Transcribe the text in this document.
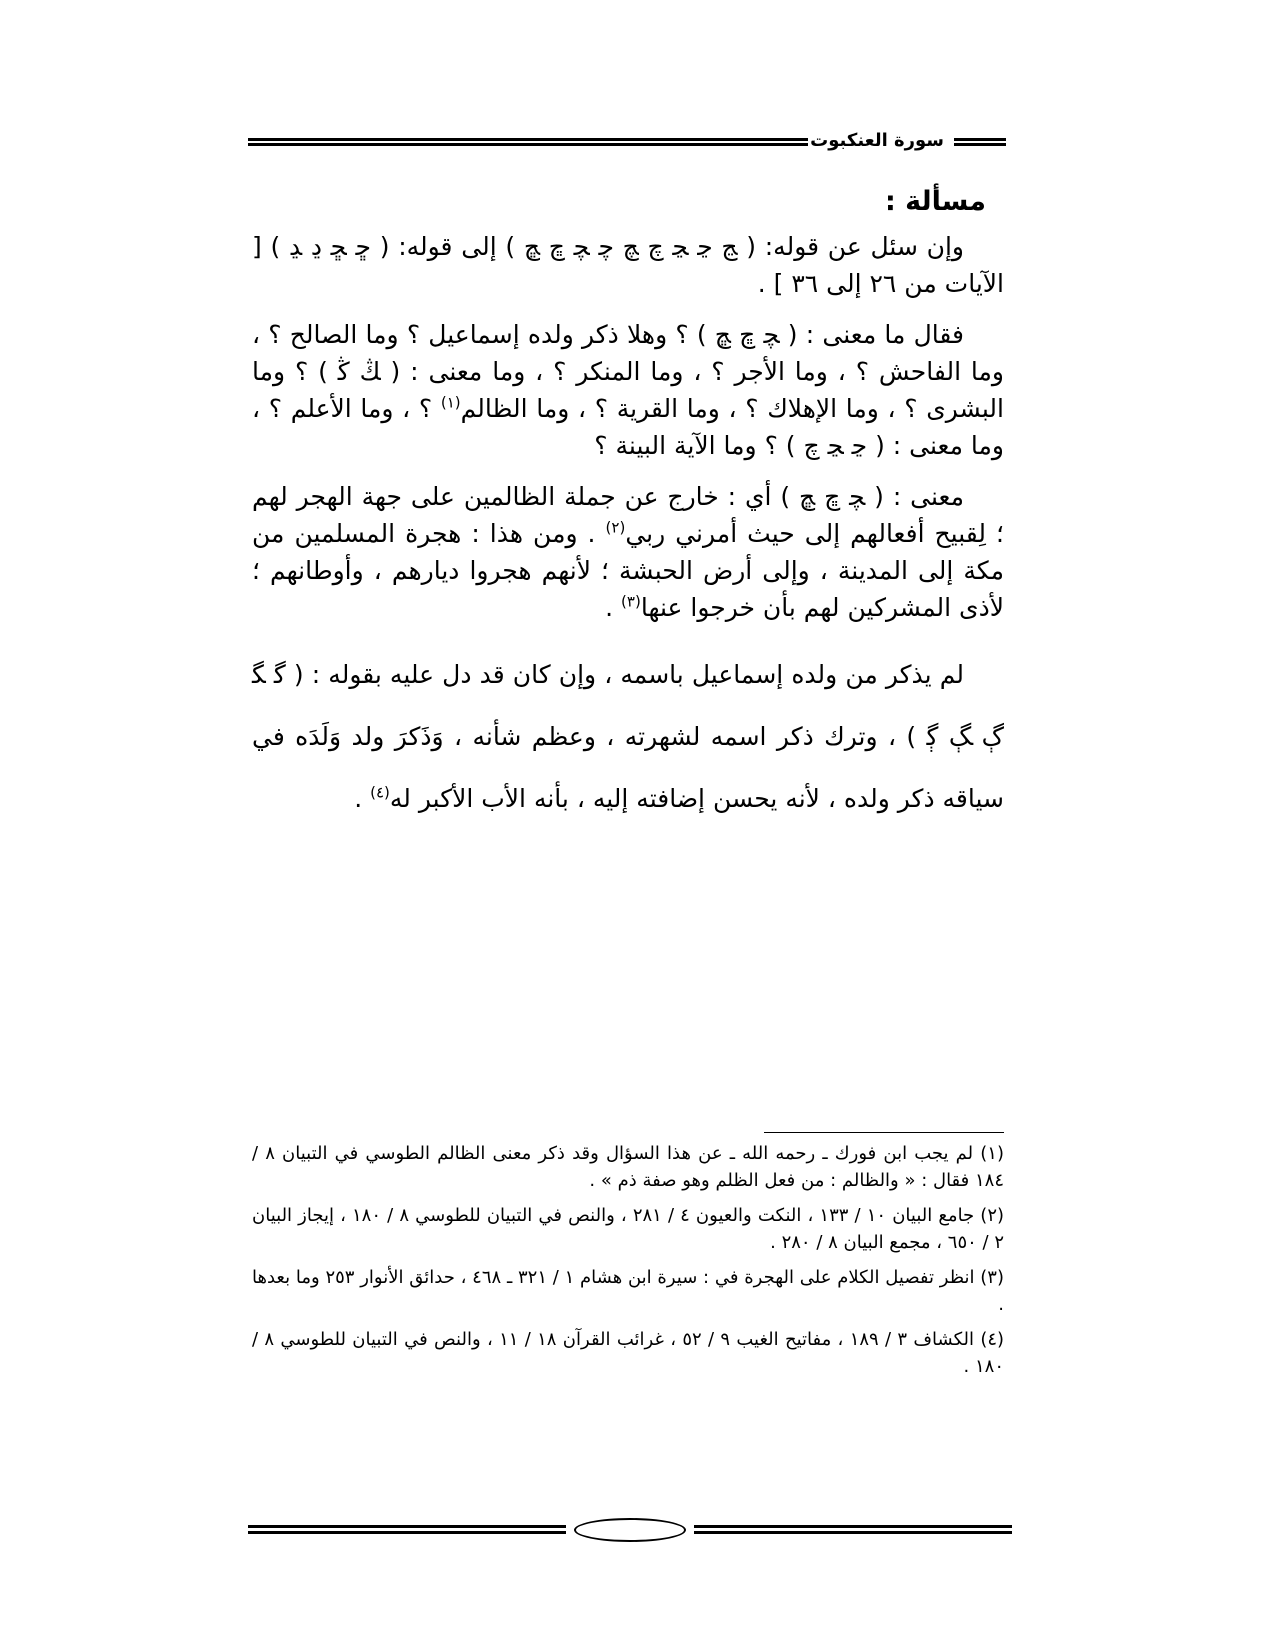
سورة العنكبوت
مسألة :

وإن سئل عن قوله: ( ﭷ ﭸ ﭹ ﭺ ﭻ ﭼ ﭽ ﭾ ﭿ ) إلى قوله: ( ﮀ ﮁ ﮂ ﮃ ) [ الآيات من ٢٦ إلى ٣٦ ] .

فقال ما معنى : ( ﭽ ﭾ ﭿ ) ؟ وهلا ذكر ولده إسماعيل ؟ وما الصالح ؟ ، وما الفاحش ؟ ، وما الأجر ؟ ، وما المنكر ؟ ، وما معنى : ( ﯔ ﯕ ) ؟ وما البشرى ؟ ، وما الإهلاك ؟ ، وما القرية ؟ ، وما الظالم$^{(١)}$ ؟ ، وما الأعلم ؟ ، وما معنى : ( ﭸ ﭹ ﭺ ) ؟ وما الآية البينة ؟

معنى : ( ﭽ ﭾ ﭿ ) أي : خارج عن جملة الظالمين على جهة الهجر لهم ؛ لِقبيح أفعالهم إلى حيث أمرني ربي$^{(٢)}$ . ومن هذا : هجرة المسلمين من مكة إلى المدينة ، وإلى أرض الحبشة ؛ لأنهم هجروا ديارهم ، وأوطانهم ؛ لأذى المشركين لهم بأن خرجوا عنها$^{(٣)}$ .

لم يذكر من ولده إسماعيل باسمه ، وإن كان قد دل عليه بقوله : ( ﮔ ﮕ ﮖ ﮗ ﮘ ) ، وترك ذكر اسمه لشهرته ، وعظم شأنه ، وَذَكرَ ولد وَلَدَه في سياقه ذكر ولده ، لأنه يحسن إضافته إليه ، بأنه الأب الأكبر له$^{(٤)}$ .

(١) لم يجب ابن فورك ـ رحمه الله ـ عن هذا السؤال وقد ذكر معنى الظالم الطوسي في التبيان ٨ / ١٨٤ فقال : « والظالم : من فعل الظلم وهو صفة ذم » .

(٢) جامع البيان ١٠ / ١٣٣ ، النكت والعيون ٤ / ٢٨١ ، والنص في التبيان للطوسي ٨ / ١٨٠ ، إيجاز البيان ٢ / ٦٥٠ ، مجمع البيان ٨ / ٢٨٠ .

(٣) انظر تفصيل الكلام على الهجرة في : سيرة ابن هشام ١ / ٣٢١ ـ ٤٦٨ ، حدائق الأنوار ٢٥٣ وما بعدها .

(٤) الكشاف ٣ / ١٨٩ ، مفاتيح الغيب ٩ / ٥٢ ، غرائب القرآن ١٨ / ١١ ، والنص في التبيان للطوسي ٨ / ١٨٠ .
